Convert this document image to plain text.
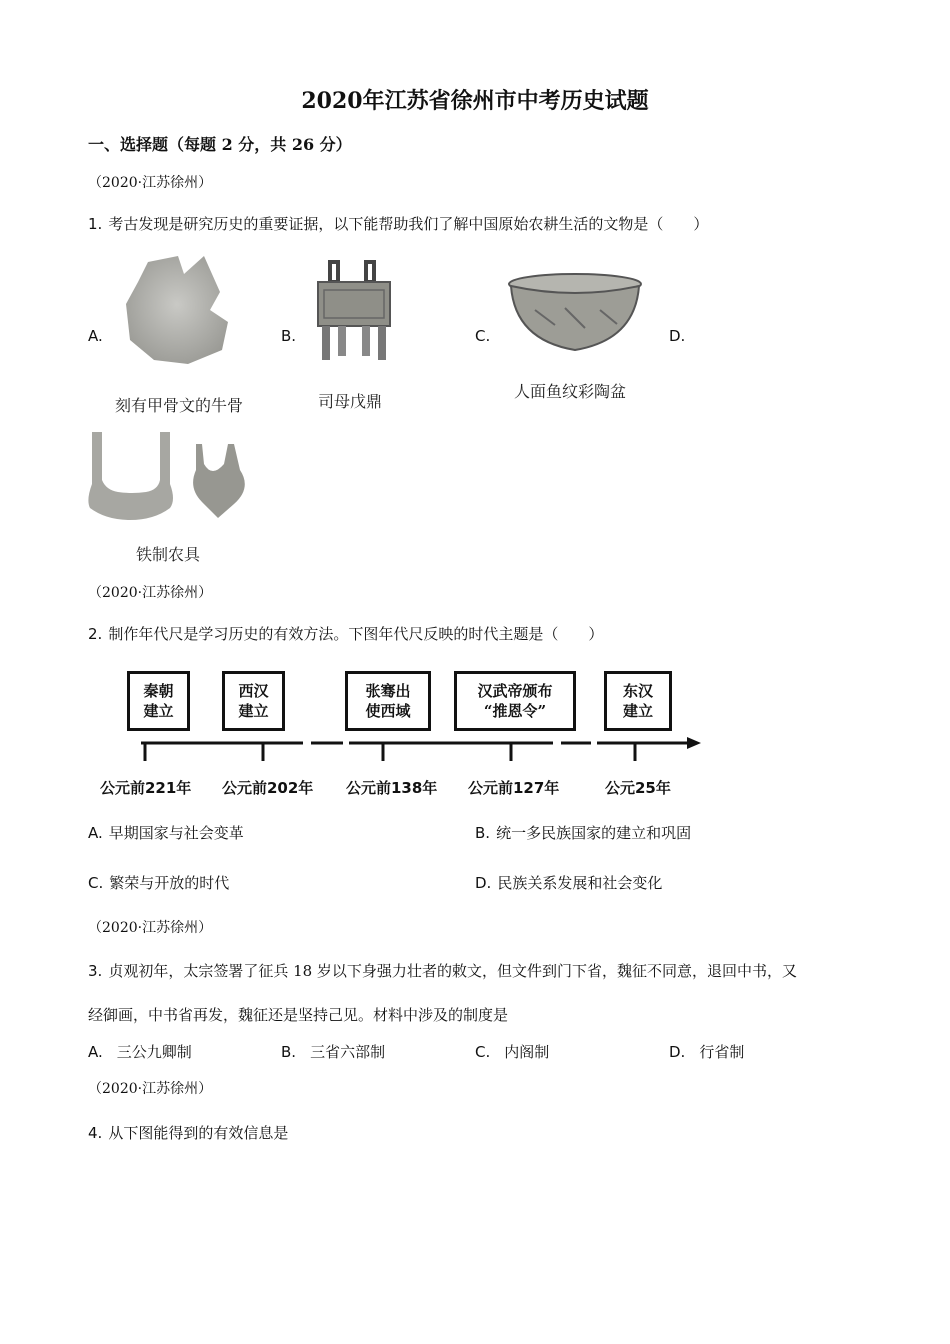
2020年江苏省徐州市中考历史试题
一、选择题（每题 2 分，共 26 分）
（2020·江苏徐州）
1. 考古发现是研究历史的重要证据，以下能帮助我们了解中国原始农耕生活的文物是（　　）
A.	B.	C.	D.
刻有甲骨文的牛骨	司母戊鼎
人面鱼纹彩陶盆
铁制农具
（2020·江苏徐州）
2. 制作年代尺是学习历史的有效方法。下图年代尺反映的时代主题是（　　）
秦朝
建立
西汉
建立
张骞出
使西域
汉武帝颁布
“推恩令”
东汉
建立
公元前221年 公元前202年 公元前138年 公元前127年	公元25年
A. 早期国家与社会变革	B. 统一多民族国家的建立和巩固
C. 繁荣与开放的时代	D. 民族关系发展和社会变化
（2020·江苏徐州）
3. 贞观初年，太宗签署了征兵 18 岁以下身强力壮者的敕文，但文件到门下省，魏征不同意，退回中书，又
经御画，中书省再发，魏征还是坚持己见。材料中涉及的制度是
A. 三公九卿制	B. 三省六部制	C. 内阁制	D. 行省制
（2020·江苏徐州）
4. 从下图能得到的有效信息是
